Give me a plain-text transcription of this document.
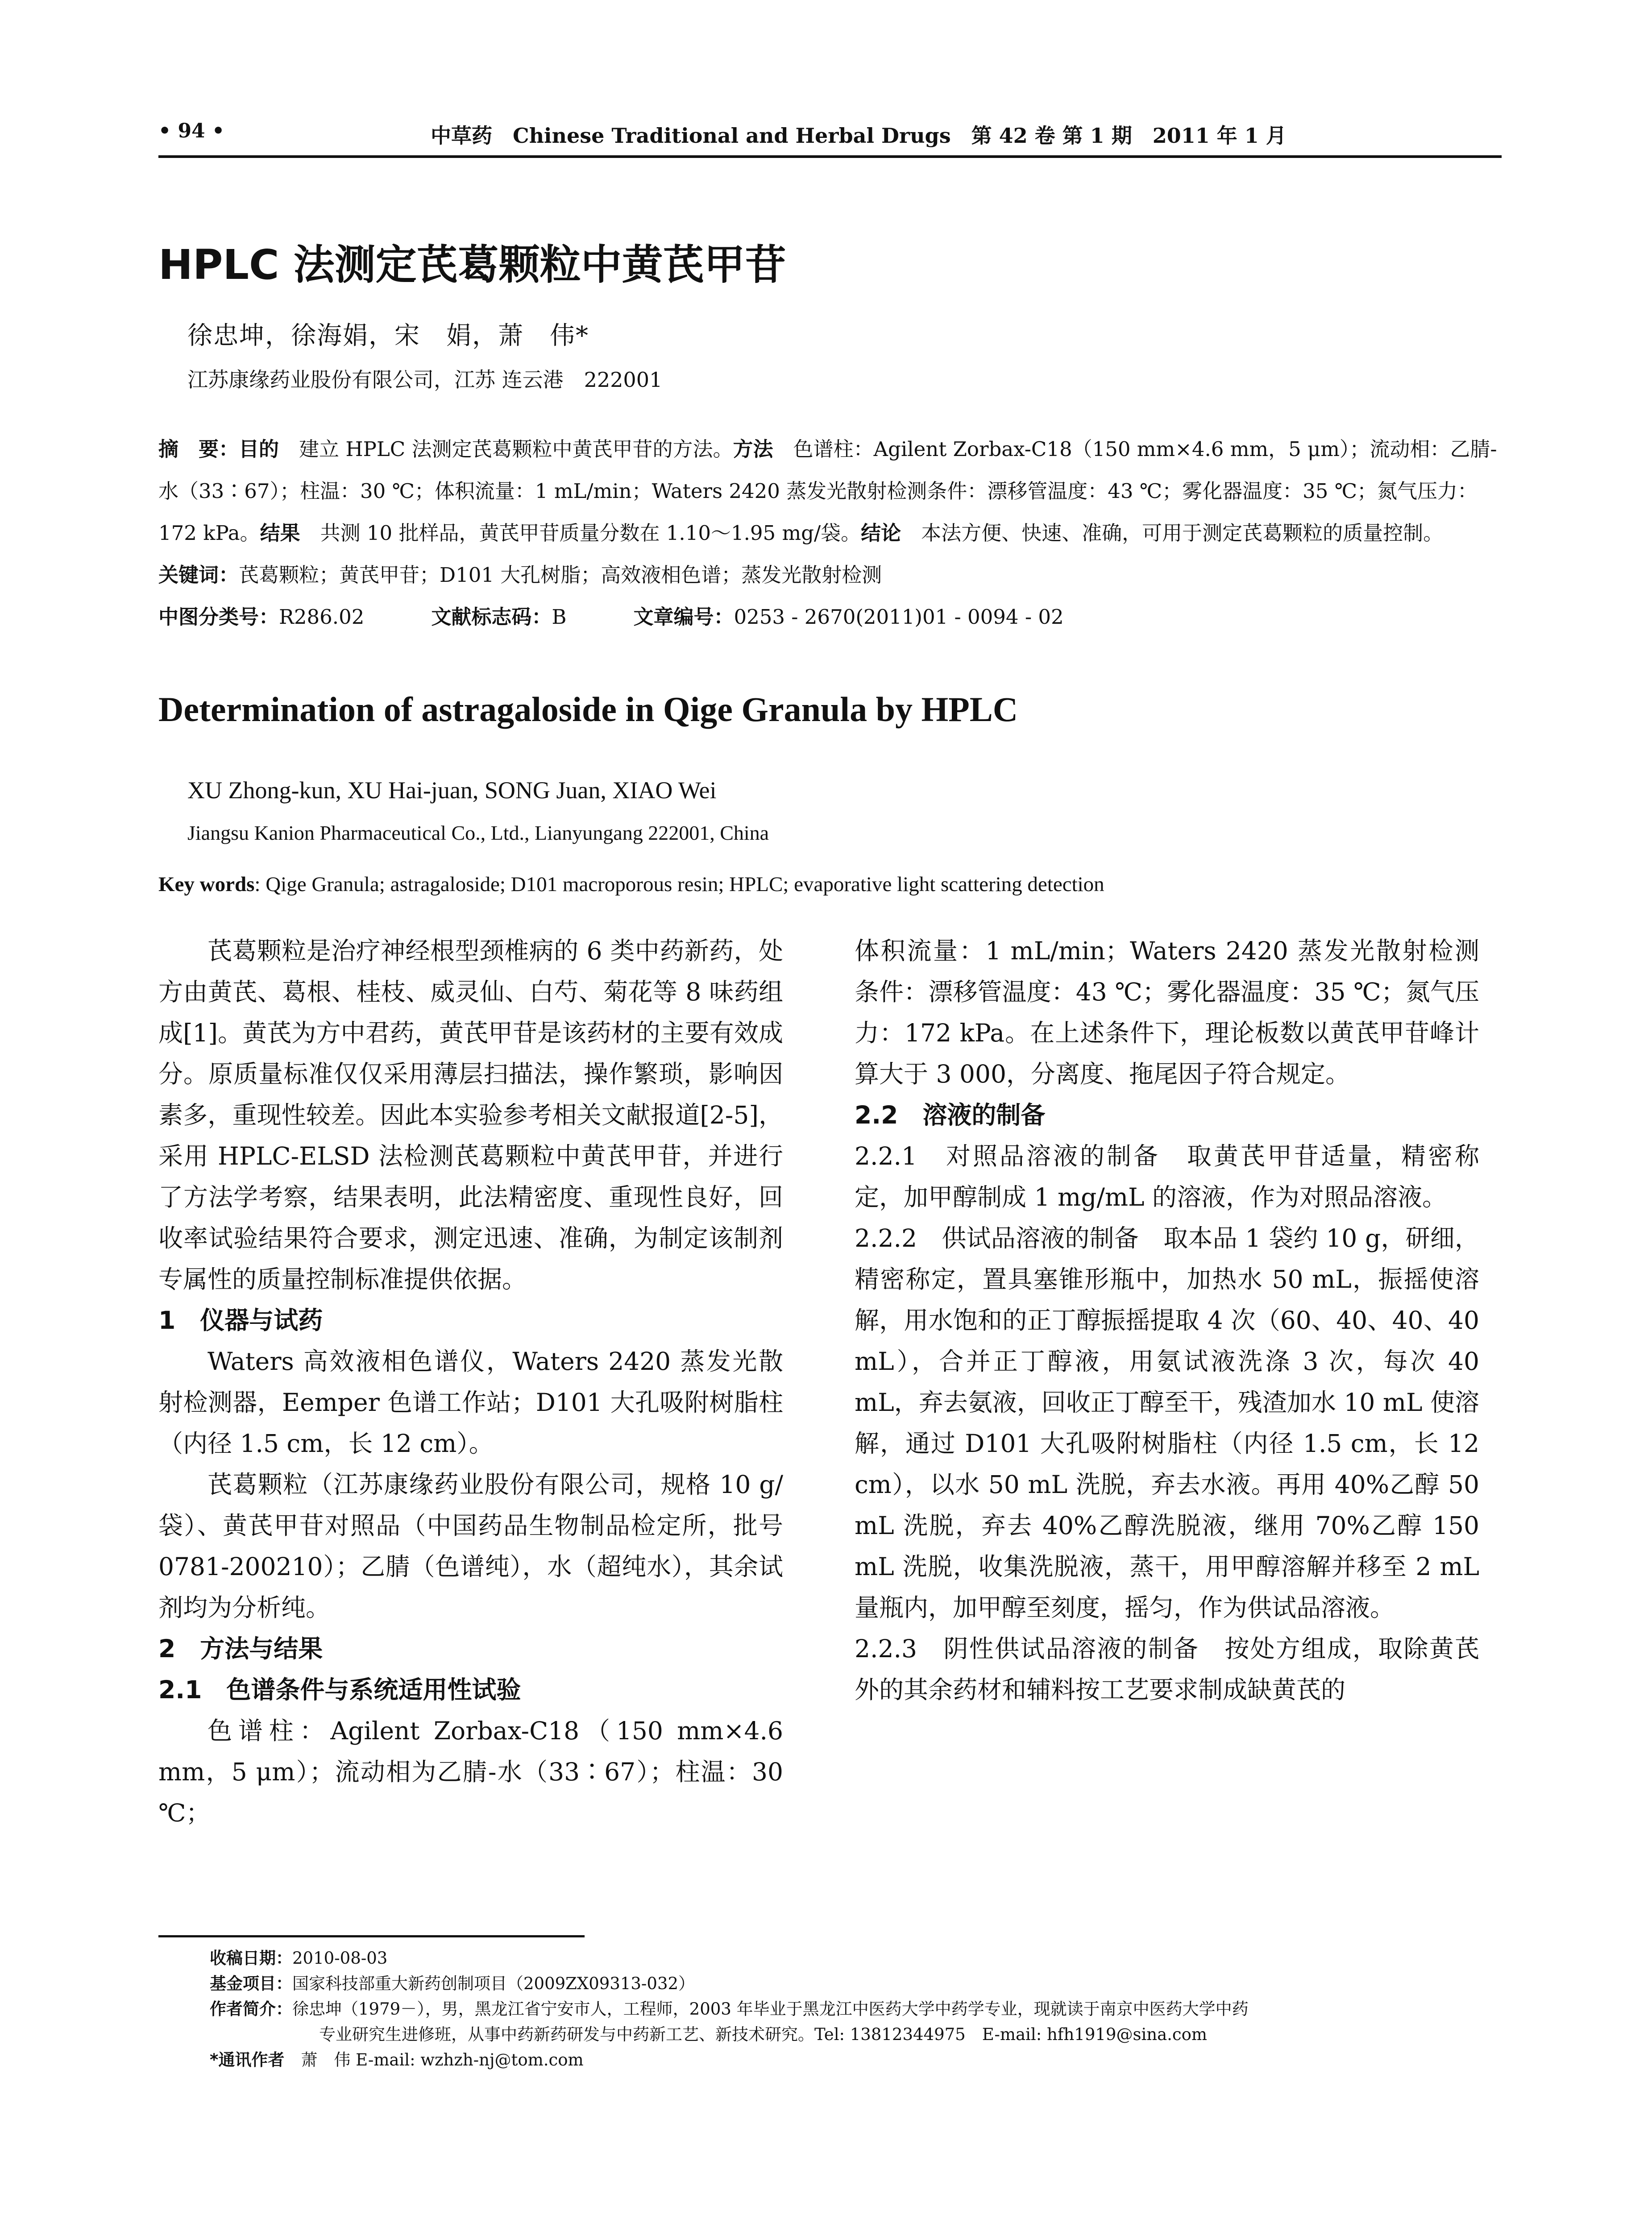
• 94 •	中草药　Chinese Traditional and Herbal Drugs　第 42 卷 第 1 期　2011 年 1 月
HPLC 法测定芪葛颗粒中黄芪甲苷
徐忠坤，徐海娟，宋　娟，萧　伟*
江苏康缘药业股份有限公司，江苏 连云港　222001

摘　要：目的　 建立 HPLC 法测定芪葛颗粒中黄芪甲苷的方法。方法　 色谱柱：Agilent Zorbax-C18（150 mm×4.6 mm，5 μm）；流动相：乙腈-水（33∶67）；柱温：30 ℃；体积流量：1 mL/min；Waters 2420 蒸发光散射检测条件：漂移管温度：43 ℃；雾化器温度：35 ℃；氮气压力：172 kPa。结果　 共测 10 批样品，黄芪甲苷质量分数在 1.10～1.95 mg/袋。结论　 本法方便、快速、准确，可用于测定芪葛颗粒的质量控制。

关键词：芪葛颗粒；黄芪甲苷；D101 大孔树脂；高效液相色谱；蒸发光散射检测

中图分类号：R286.02	文献标志码：B	文章编号：0253 - 2670(2011)01 - 0094 - 02

Determination of astragaloside in Qige Granula by HPLC
XU Zhong-kun, XU Hai-juan, SONG Juan, XIAO Wei
Jiangsu Kanion Pharmaceutical Co., Ltd., Lianyungang 222001, China
Key words: Qige Granula; astragaloside; D101 macroporous resin; HPLC; evaporative light scattering detection

芪葛颗粒是治疗神经根型颈椎病的 6 类中药新药，处方由黄芪、葛根、桂枝、威灵仙、白芍、菊花等 8 味药组成[1]。黄芪为方中君药，黄芪甲苷是该药材的主要有效成分。原质量标准仅仅采用薄层扫描法，操作繁琐，影响因素多，重现性较差。因此本实验参考相关文献报道[2-5]，采用 HPLC-ELSD 法检测芪葛颗粒中黄芪甲苷，并进行了方法学考察，结果表明，此法精密度、重现性良好，回收率试验结果符合要求，测定迅速、准确，为制定该制剂专属性的质量控制标准提供依据。

1　仪器与试药

Waters 高效液相色谱仪，Waters 2420 蒸发光散射检测器，Eemper 色谱工作站；D101 大孔吸附树脂柱（内径 1.5 cm，长 12 cm）。

芪葛颗粒（江苏康缘药业股份有限公司，规格 10 g/袋）、黄芪甲苷对照品（中国药品生物制品检定所，批号 0781-200210）；乙腈（色谱纯），水（超纯水），其余试剂均为分析纯。

2　方法与结果

2.1　色谱条件与系统适用性试验

色谱柱：Agilent Zorbax-C18（150 mm×4.6 mm，5 μm）；流动相为乙腈-水（33∶67）；柱温：30 ℃；

体积流量：1 mL/min；Waters 2420 蒸发光散射检测条件：漂移管温度：43 ℃；雾化器温度：35 ℃；氮气压力：172 kPa。在上述条件下，理论板数以黄芪甲苷峰计算大于 3 000，分离度、拖尾因子符合规定。

2.2　溶液的制备

2.2.1　对照品溶液的制备　取黄芪甲苷适量，精密称定，加甲醇制成 1 mg/mL 的溶液，作为对照品溶液。

2.2.2　供试品溶液的制备　取本品 1 袋约 10 g，研细，精密称定，置具塞锥形瓶中，加热水 50 mL，振摇使溶解，用水饱和的正丁醇振摇提取 4 次（60、40、40、40 mL），合并正丁醇液，用氨试液洗涤 3 次，每次 40 mL，弃去氨液，回收正丁醇至干，残渣加水 10 mL 使溶解，通过 D101 大孔吸附树脂柱（内径 1.5 cm，长 12 cm），以水 50 mL 洗脱，弃去水液。再用 40%乙醇 50 mL 洗脱，弃去 40%乙醇洗脱液，继用 70%乙醇 150 mL 洗脱，收集洗脱液，蒸干，用甲醇溶解并移至 2 mL 量瓶内，加甲醇至刻度，摇匀，作为供试品溶液。

2.2.3　阴性供试品溶液的制备　按处方组成，取除黄芪外的其余药材和辅料按工艺要求制成缺黄芪的

收稿日期：2010-08-03

基金项目：国家科技部重大新药创制项目（2009ZX09313-032）

作者简介：徐忠坤（1979－），男，黑龙江省宁安市人，工程师，2003 年毕业于黑龙江中医药大学中药学专业，现就读于南京中医药大学中药

专业研究生进修班，从事中药新药研发与中药新工艺、新技术研究。Tel: 13812344975　E-mail: hfh1919@sina.com

*通讯作者　 萧　伟 E-mail: wzhzh-nj@tom.com
